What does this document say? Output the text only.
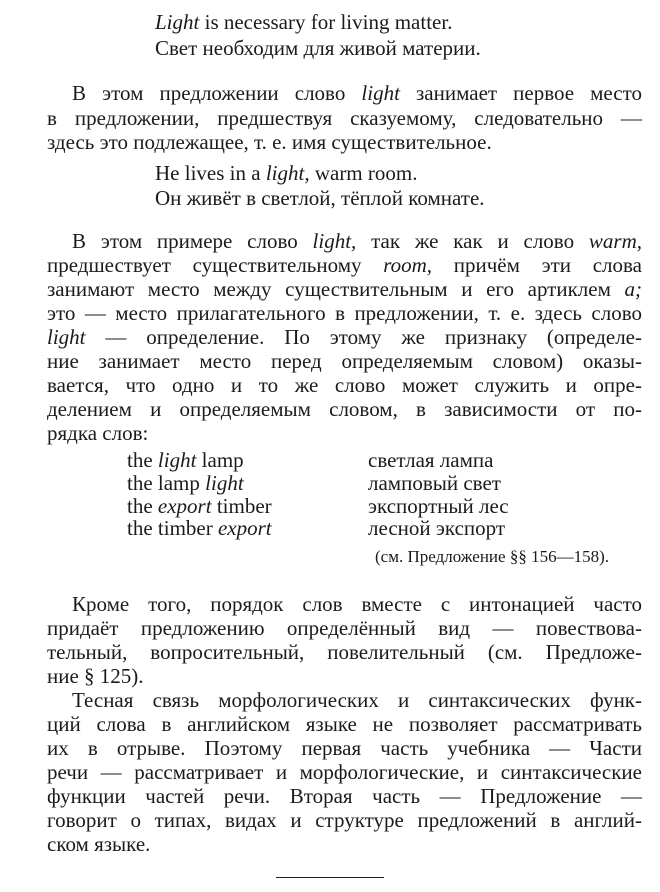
Light is necessary for living matter.
Свет необходим для живой материи.
В этом предложении слово light занимает первое место
в предложении, предшествуя сказуемому, следовательно —
здесь это подлежащее, т. е. имя существительное.
He lives in a light, warm room.
Он живёт в светлой, тёплой комнате.
В этом примере слово light, так же как и слово warm,
предшествует существительному room, причём эти слова
занимают место между существительным и его артиклем a;
это — место прилагательного в предложении, т. е. здесь слово
light — определение. По этому же признаку (определе-
ние занимает место перед определяемым словом) оказы-
вается, что одно и то же слово может служить и опре-
делением и определяемым словом, в зависимости от по-
рядка слов:
the light lamp	светлая лампа
the lamp light	ламповый свет
the export timber	экспортный лес
the timber export	лесной экспорт
(см. Предложение §§ 156—158).
Кроме того, порядок слов вместе с интонацией часто
придаёт предложению определённый вид — повествова-
тельный, вопросительный, повелительный (см. Предложе-
ние § 125).
Тесная связь морфологических и синтаксических функ-
ций слова в английском языке не позволяет рассматривать
их в отрыве. Поэтому первая часть учебника — Части
речи — рассматривает и морфологические, и синтаксические
функции частей речи. Вторая часть — Предложение —
говорит о типах, видах и структуре предложений в англий-
ском языке.
